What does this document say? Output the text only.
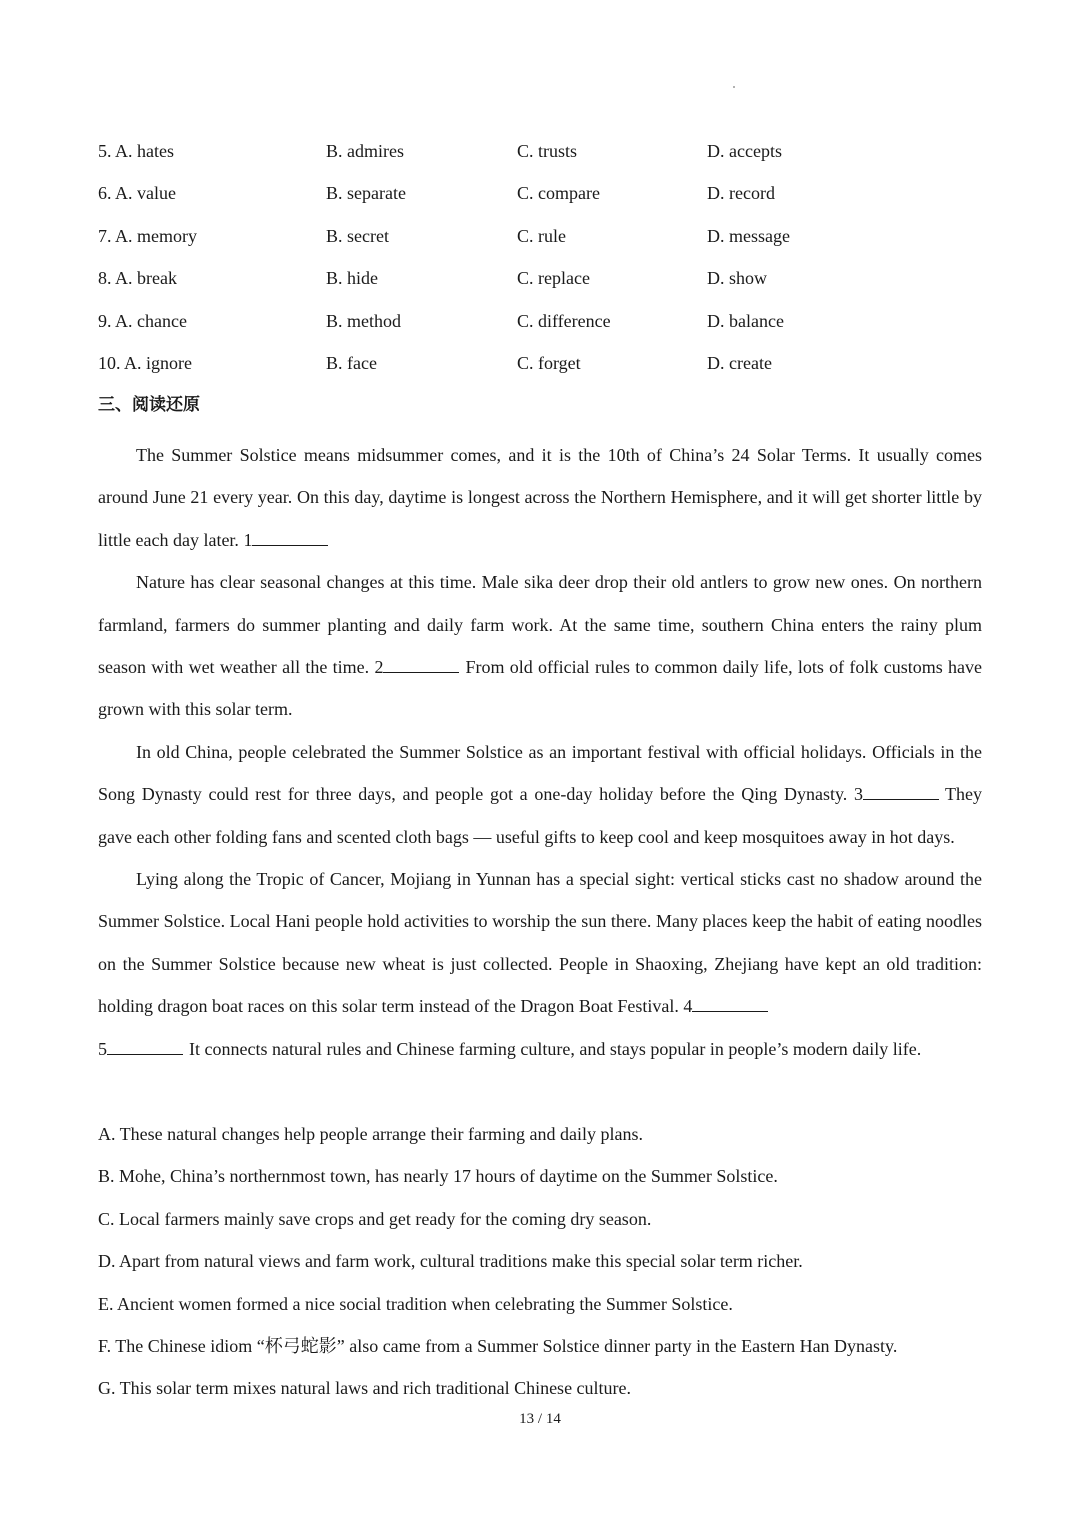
5. A. hates	B. admires	C. trusts	D. accepts
6. A. value	B. separate	C. compare	D. record
7. A. memory	B. secret	C. rule	D. message
8. A. break	B. hide	C. replace	D. show
9. A. chance	B. method	C. difference	D. balance
10. A. ignore	B. face	C. forget	D. create
三、阅读还原

The Summer Solstice means midsummer comes, and it is the 10th of China’s 24 Solar Terms. It usually comes around June 21 every year. On this day, daytime is longest across the Northern Hemisphere, and it will get shorter little by little each day later. 1

Nature has clear seasonal changes at this time. Male sika deer drop their old antlers to grow new ones. On northern farmland, farmers do summer planting and daily farm work. At the same time, southern China enters the rainy plum season with wet weather all the time. 2	From old official rules to common daily life, lots of folk customs have grown with this solar term.

In old China, people celebrated the Summer Solstice as an important festival with official holidays. Officials in the Song Dynasty could rest for three days, and people got a one-day holiday before the Qing Dynasty. 3	They gave each other folding fans and scented cloth bags — useful gifts to keep cool and keep mosquitoes away in hot days.

Lying along the Tropic of Cancer, Mojiang in Yunnan has a special sight: vertical sticks cast no shadow around the Summer Solstice. Local Hani people hold activities to worship the sun there. Many places keep the habit of eating noodles on the Summer Solstice because new wheat is just collected. People in Shaoxing, Zhejiang have kept an old tradition: holding dragon boat races on this solar term instead of the Dragon Boat Festival. 4

5	It connects natural rules and Chinese farming culture, and stays popular in people’s modern daily life.

A. These natural changes help people arrange their farming and daily plans.
B. Mohe, China’s northernmost town, has nearly 17 hours of daytime on the Summer Solstice.
C. Local farmers mainly save crops and get ready for the coming dry season.
D. Apart from natural views and farm work, cultural traditions make this special solar term richer.
E. Ancient women formed a nice social tradition when celebrating the Summer Solstice.
F. The Chinese idiom “杯弓蛇影” also came from a Summer Solstice dinner party in the Eastern Han Dynasty.
G. This solar term mixes natural laws and rich traditional Chinese culture.
13 / 14
